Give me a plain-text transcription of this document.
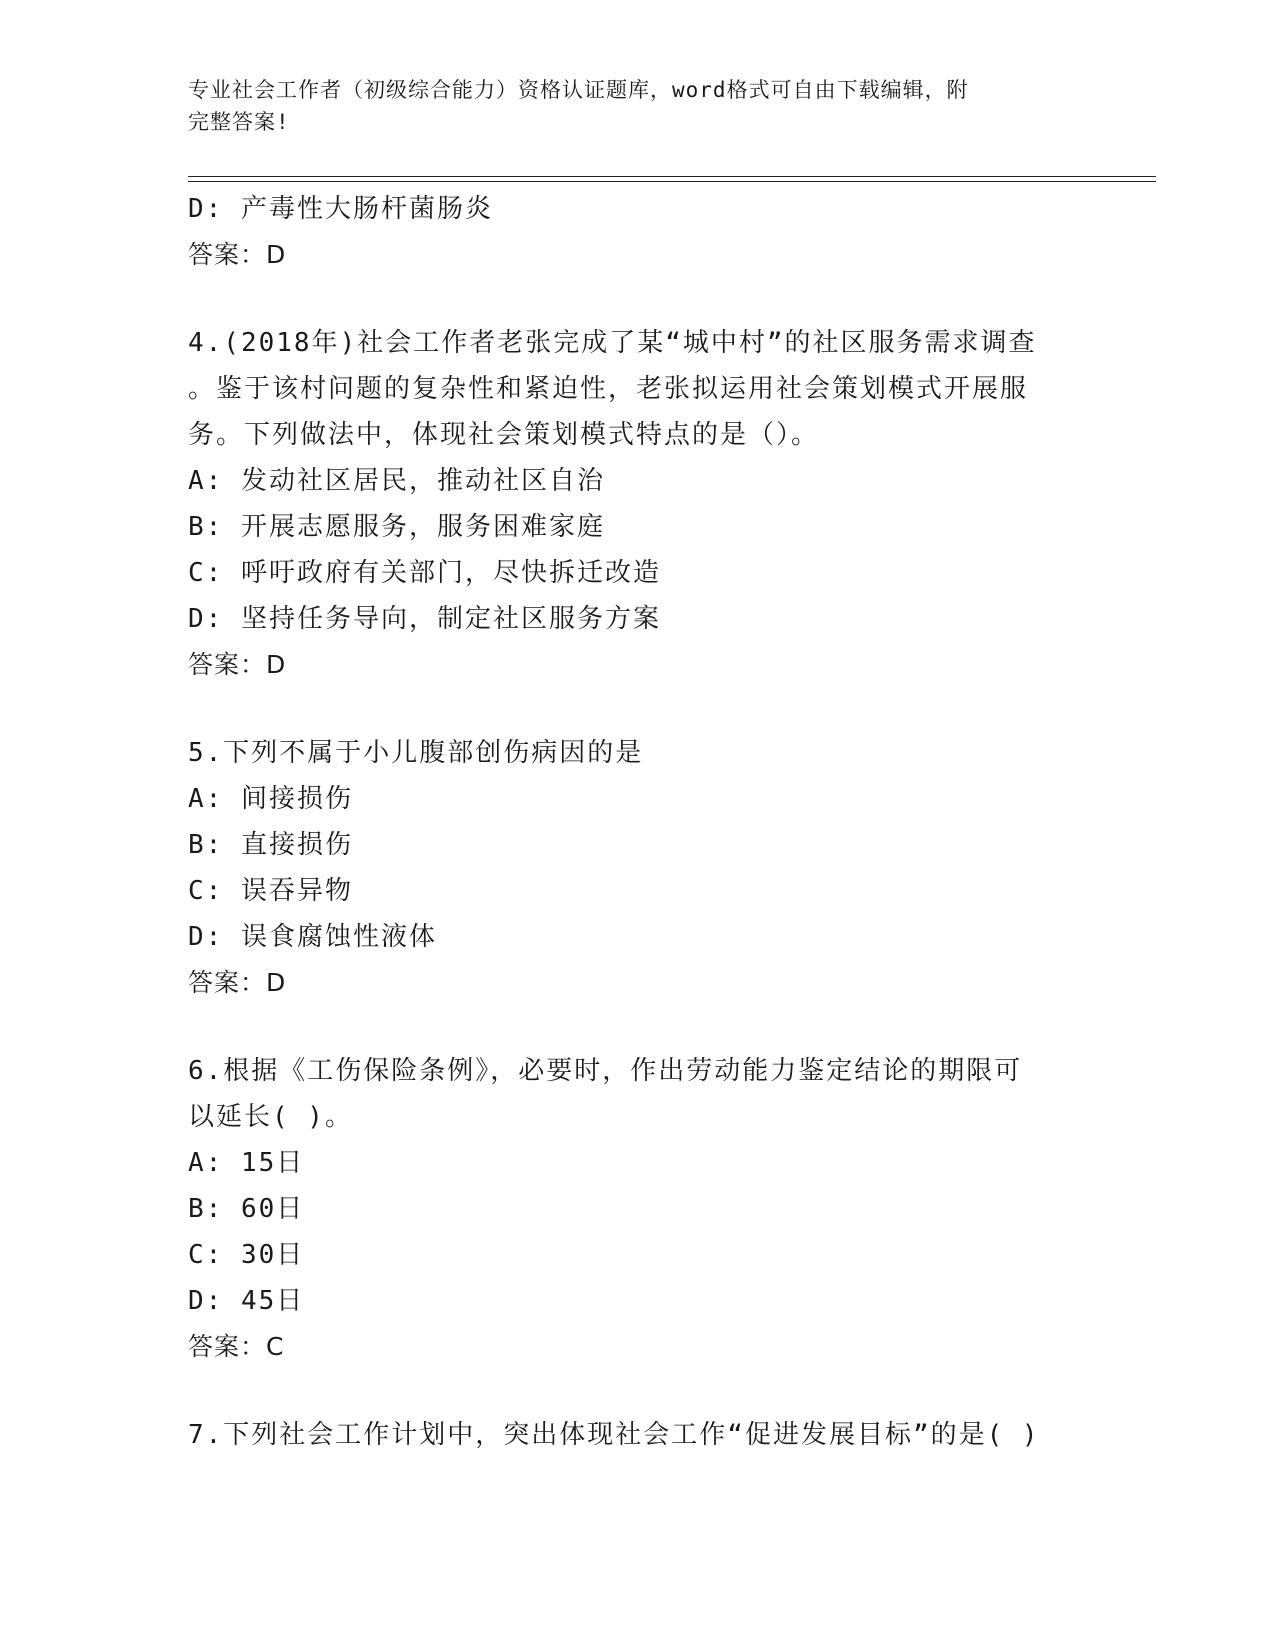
专业社会工作者（初级综合能力）资格认证题库，word格式可自由下载编辑，附
完整答案!
D: 产毒性大肠杆菌肠炎
答案：D
4.(2018年)社会工作者老张完成了某“城中村”的社区服务需求调查
。鉴于该村问题的复杂性和紧迫性，老张拟运用社会策划模式开展服
务。下列做法中，体现社会策划模式特点的是（）。
A: 发动社区居民，推动社区自治
B: 开展志愿服务，服务困难家庭
C: 呼吁政府有关部门，尽快拆迁改造
D: 坚持任务导向，制定社区服务方案
答案：D
5.下列不属于小儿腹部创伤病因的是
A: 间接损伤
B: 直接损伤
C: 误吞异物
D: 误食腐蚀性液体
答案：D
6.根据《工伤保险条例》，必要时，作出劳动能力鉴定结论的期限可
以延长( )。
A: 15日
B: 60日
C: 30日
D: 45日
答案：C
7.下列社会工作计划中，突出体现社会工作“促进发展目标”的是( )
